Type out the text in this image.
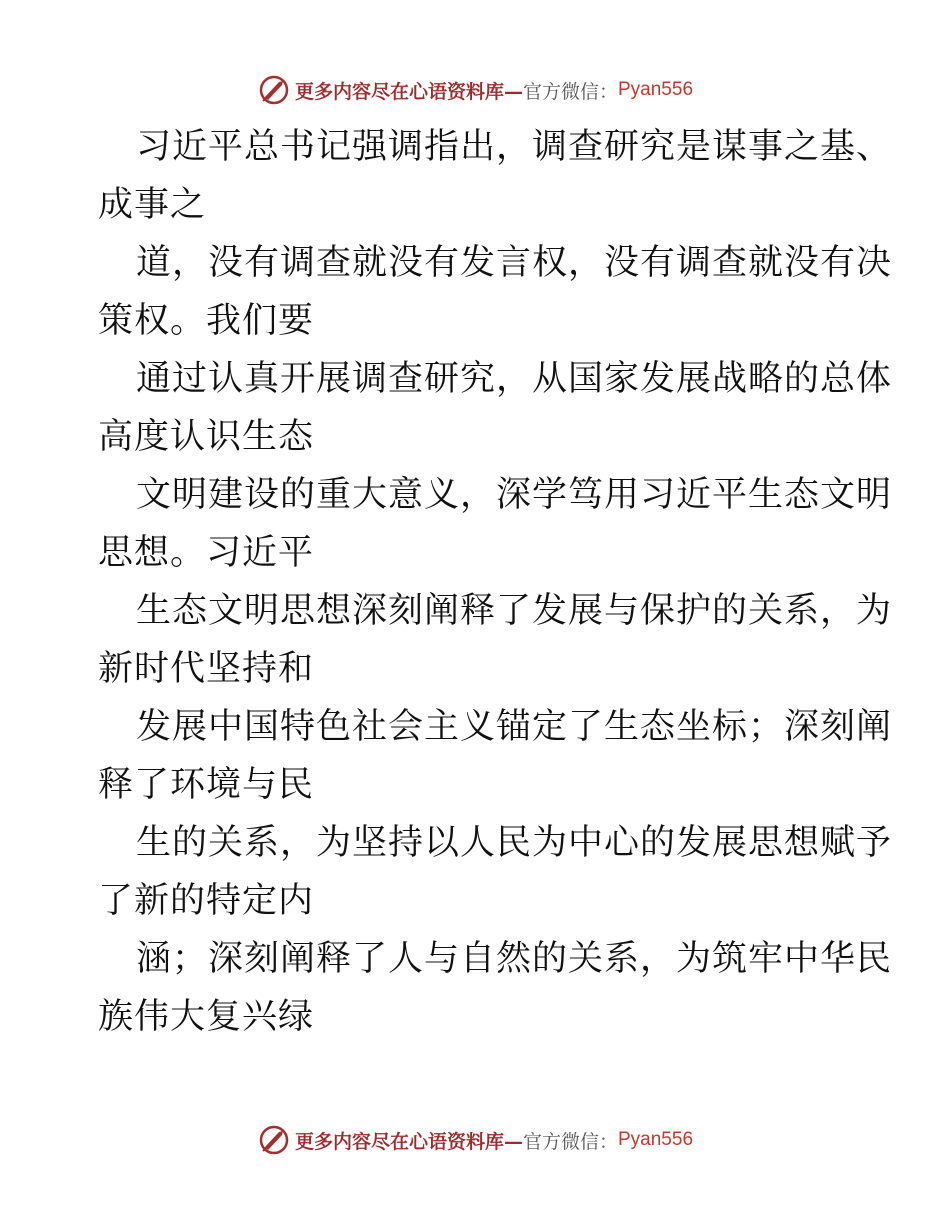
更多内容尽在心语资料库— 官方微信： Pyan556
习近平总书记强调指出，调查研究是谋事之基、
成事之
道，没有调查就没有发言权，没有调查就没有决
策权。我们要
通过认真开展调查研究，从国家发展战略的总体
高度认识生态
文明建设的重大意义，深学笃用习近平生态文明
思想。习近平
生态文明思想深刻阐释了发展与保护的关系，为
新时代坚持和
发展中国特色社会主义锚定了生态坐标；深刻阐
释了环境与民
生的关系，为坚持以人民为中心的发展思想赋予
了新的特定内
涵；深刻阐释了人与自然的关系，为筑牢中华民
族伟大复兴绿
更多内容尽在心语资料库— 官方微信： Pyan556
